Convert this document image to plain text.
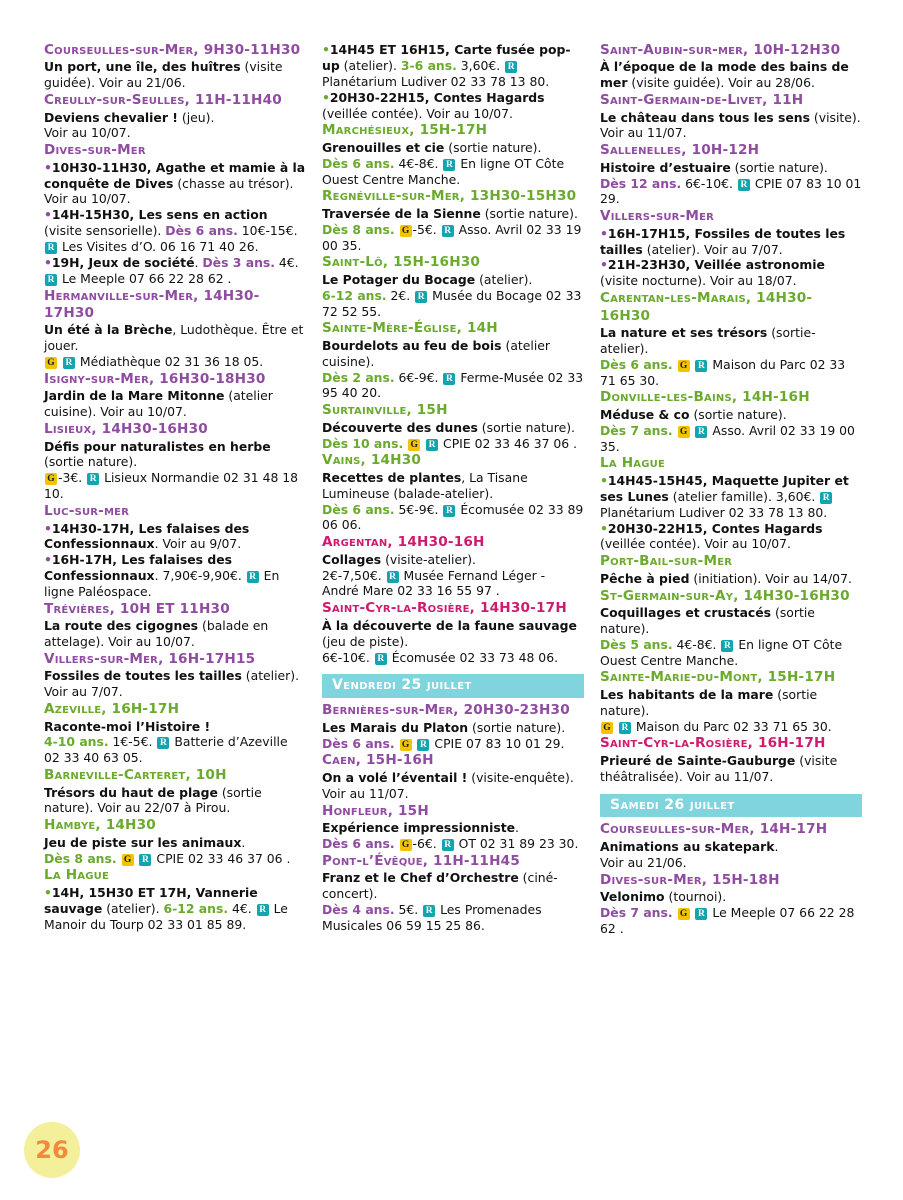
Courseulles-sur-Mer, 9H30-11H30
Un port, une île, des huîtres (visite guidée). Voir au 21/06.
Creully-sur-Seulles, 11H-11H40
Deviens chevalier ! (jeu).
Voir au 10/07.
Dives-sur-Mer
• 10H30-11H30, Agathe et mamie à la conquête de Dives (chasse au trésor). Voir au 10/07.
• 14H-15H30, Les sens en action (visite sensorielle). Dès 6 ans. 10€-15€. R Les Visites d’O. 06 16 71 40 26.
• 19H, Jeux de société. Dès 3 ans. 4€. R Le Meeple 07 66 22 28 62 .
Hermanville-sur-Mer, 14H30-17H30
Un été à la Brèche, Ludothèque. Être et jouer.
G R Médiathèque 02 31 36 18 05.
Isigny-sur-Mer, 16H30-18H30
Jardin de la Mare Mitonne (atelier cuisine). Voir au 10/07.
Lisieux, 14H30-16H30
Défis pour naturalistes en herbe (sortie nature).
G -3€. R Lisieux Normandie 02 31 48 18 10.
Luc-sur-mer
• 14H30-17H, Les falaises des Confessionnaux. Voir au 9/07.
• 16H-17H, Les falaises des Confessionnaux. 7,90€-9,90€. R En ligne Paléospace.
Trévières, 10H ET 11H30
La route des cigognes (balade en attelage). Voir au 10/07.
Villers-sur-Mer, 16H-17H15
Fossiles de toutes les tailles (atelier). Voir au 7/07.
Azeville, 16H-17H
Raconte-moi l’Histoire !
4-10 ans. 1€-5€. R Batterie d’Azeville 02 33 40 63 05.
Barneville-Carteret, 10H
Trésors du haut de plage (sortie nature). Voir au 22/07 à Pirou.
Hambye, 14H30
Jeu de piste sur les animaux.
Dès 8 ans. G R CPIE 02 33 46 37 06 .
La Hague
• 14H, 15H30 ET 17H, Vannerie sauvage (atelier). 6-12 ans. 4€. R Le Manoir du Tourp 02 33 01 85 89.
• 14H45 ET 16H15, Carte fusée pop-up (atelier). 3-6 ans. 3,60€. R Planétarium Ludiver 02 33 78 13 80.
• 20H30-22H15, Contes Hagards (veillée contée). Voir au 10/07.
Marchésieux, 15H-17H
Grenouilles et cie (sortie nature).
Dès 6 ans. 4€-8€. R En ligne OT Côte Ouest Centre Manche.
Regnéville-sur-Mer, 13H30-15H30
Traversée de la Sienne (sortie nature).
Dès 8 ans. G -5€. R Asso. Avril 02 33 19 00 35.
Saint-Lô, 15H-16H30
Le Potager du Bocage (atelier).
6-12 ans. 2€. R Musée du Bocage 02 33 72 52 55.
Sainte-Mère-Église, 14H
Bourdelots au feu de bois (atelier cuisine).
Dès 2 ans. 6€-9€. R Ferme-Musée 02 33 95 40 20.
Surtainville, 15H
Découverte des dunes (sortie nature).
Dès 10 ans. G R CPIE 02 33 46 37 06 .
Vains, 14H30
Recettes de plantes, La Tisane Lumineuse (balade-atelier).
Dès 6 ans. 5€-9€. R Écomusée 02 33 89 06 06.
Argentan, 14H30-16H
Collages (visite-atelier).
2€-7,50€. R Musée Fernand Léger - André Mare 02 33 16 55 97 .
Saint-Cyr-la-Rosière, 14H30-17H
À la découverte de la faune sauvage (jeu de piste).
6€-10€. R Écomusée 02 33 73 48 06.
Vendredi 25 juillet
Bernières-sur-Mer, 20H30-23H30
Les Marais du Platon (sortie nature).
Dès 6 ans. G R CPIE 07 83 10 01 29.
Caen, 15H-16H
On a volé l’éventail ! (visite-enquête). Voir au 11/07.
Honfleur, 15H
Expérience impressionniste.
Dès 6 ans. G -6€. R OT 02 31 89 23 30.
Pont-l’Évêque, 11H-11H45
Franz et le Chef d’Orchestre (ciné-concert).
Dès 4 ans. 5€. R Les Promenades Musicales 06 59 15 25 86.
Saint-Aubin-sur-mer, 10H-12H30
À l’époque de la mode des bains de mer (visite guidée). Voir au 28/06.
Saint-Germain-de-Livet, 11H
Le château dans tous les sens (visite). Voir au 11/07.
Sallenelles, 10H-12H
Histoire d’estuaire (sortie nature).
Dès 12 ans. 6€-10€. R CPIE 07 83 10 01 29.
Villers-sur-Mer
• 16H-17H15, Fossiles de toutes les tailles (atelier). Voir au 7/07.
• 21H-23H30, Veillée astronomie (visite nocturne). Voir au 18/07.
Carentan-les-Marais, 14H30-16H30
La nature et ses trésors (sortie-atelier).
Dès 6 ans. G R Maison du Parc 02 33 71 65 30.
Donville-les-Bains, 14H-16H
Méduse & co (sortie nature).
Dès 7 ans. G R Asso. Avril 02 33 19 00 35.
La Hague
• 14H45-15H45, Maquette Jupiter et ses Lunes (atelier famille). 3,60€. R Planétarium Ludiver 02 33 78 13 80.
• 20H30-22H15, Contes Hagards (veillée contée). Voir au 10/07.
Port-Bail-sur-Mer
Pêche à pied (initiation). Voir au 14/07.
St-Germain-sur-Ay, 14H30-16H30
Coquillages et crustacés (sortie nature).
Dès 5 ans. 4€-8€. R En ligne OT Côte Ouest Centre Manche.
Sainte-Marie-du-Mont, 15H-17H
Les habitants de la mare (sortie nature).
G R Maison du Parc 02 33 71 65 30.
Saint-Cyr-la-Rosière, 16H-17H
Prieuré de Sainte-Gauburge (visite théâtralisée). Voir au 11/07.
Samedi 26 juillet
Courseulles-sur-Mer, 14H-17H
Animations au skatepark.
Voir au 21/06.
Dives-sur-Mer, 15H-18H
Velonimo (tournoi).
Dès 7 ans. G R Le Meeple 07 66 22 28 62 .
26
